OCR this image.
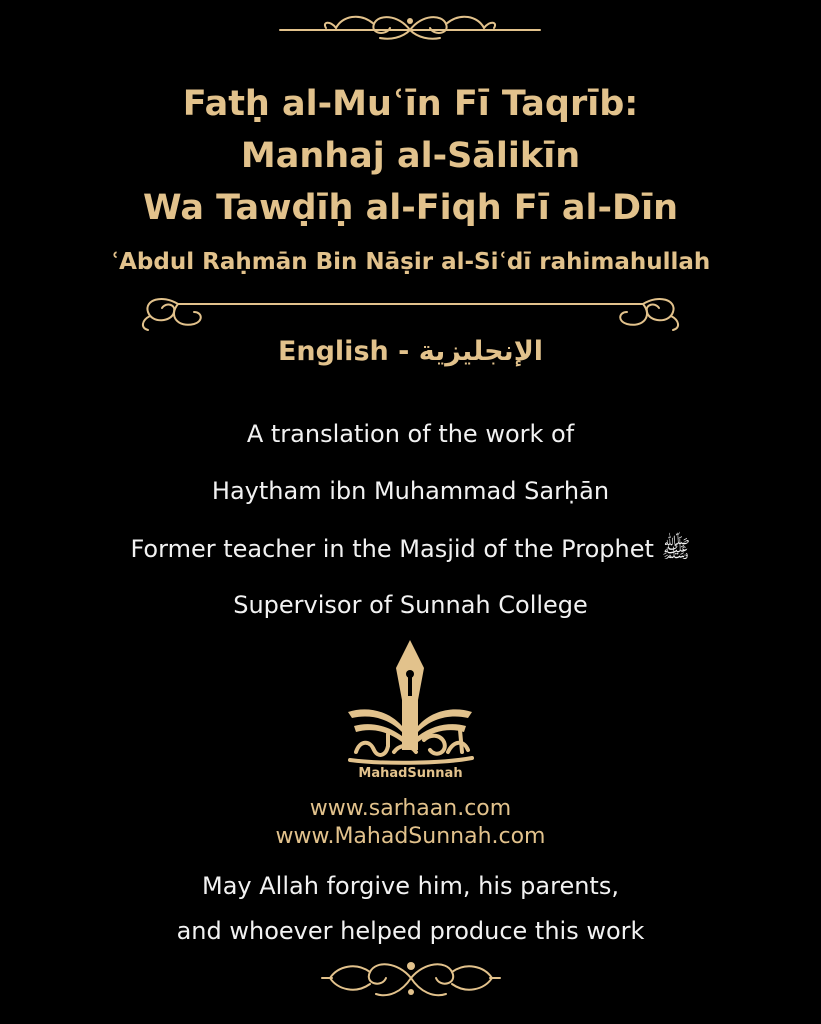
Fatḥ al-Muʿīn Fī Taqrīb:
Manhaj al-Sālikīn
Wa Tawḍīḥ al-Fiqh Fī al-Dīn
ʿAbdul Raḥmān Bin Nāṣir al-Siʿdī rahimahullah
English - الإنجليزية
A translation of the work of
Haytham ibn Muhammad Sarḥān
Former teacher in the Masjid of the Prophet ﷺ
Supervisor of Sunnah College
MahadSunnah
www.sarhaan.com
www.MahadSunnah.com
May Allah forgive him, his parents,
and whoever helped produce this work
